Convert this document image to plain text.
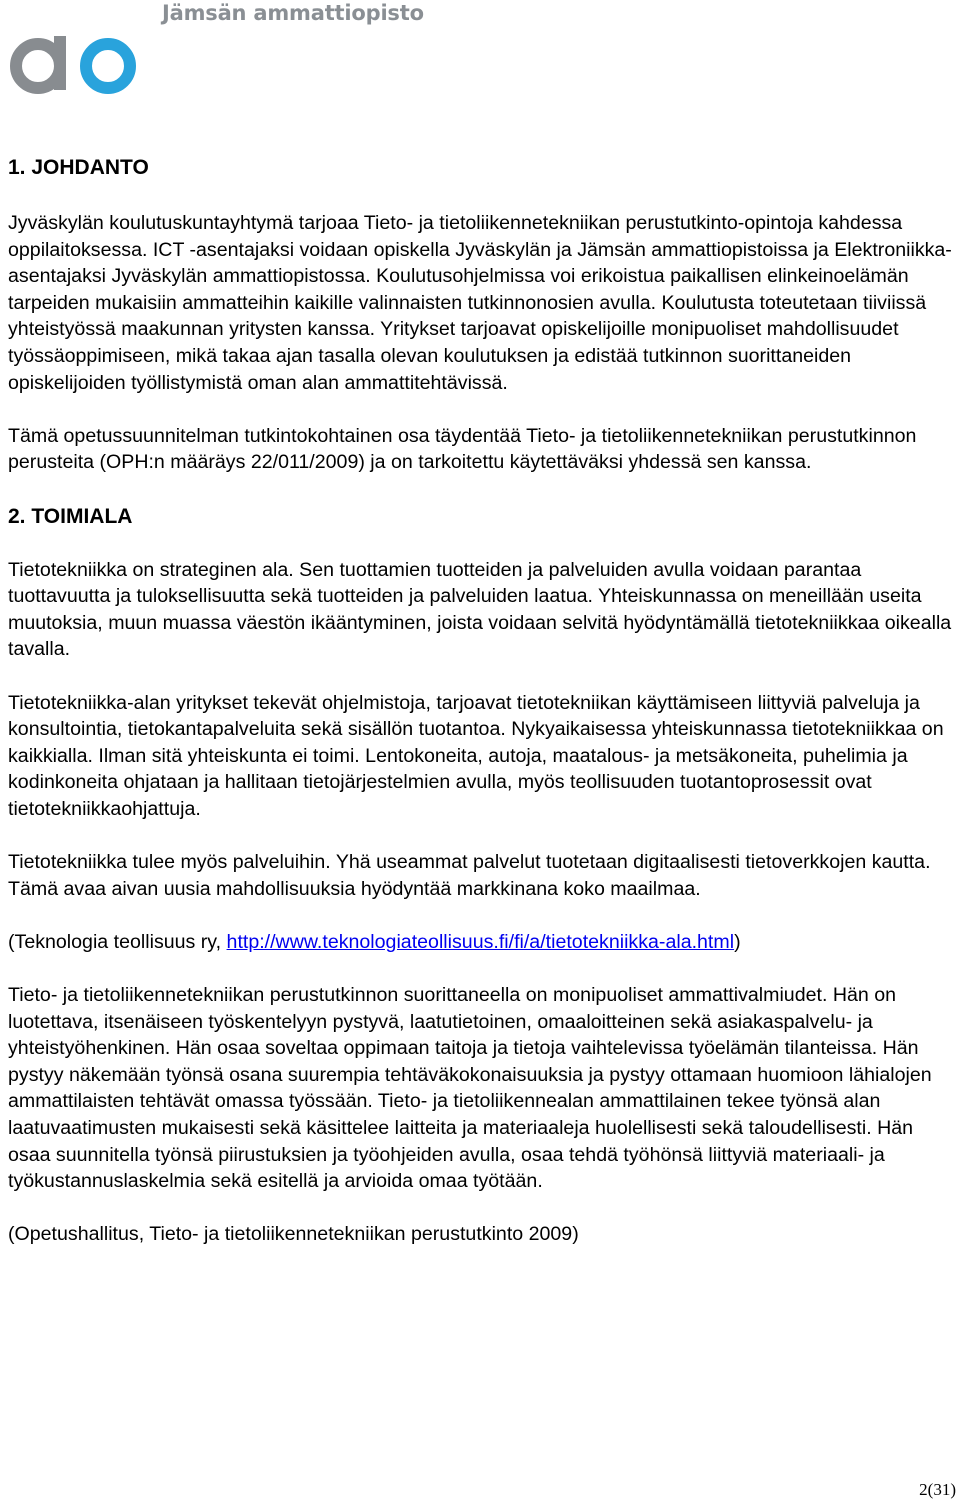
Jämsän ammattiopisto
1. JOHDANTO

Jyväskylän koulutuskuntayhtymä tarjoaa Tieto- ja tietoliikennetekniikan perustutkinto-opintoja kahdessa oppilaitoksessa. ICT -asentajaksi voidaan opiskella Jyväskylän ja Jämsän ammattiopistoissa ja Elektroniikka-asentajaksi Jyväskylän ammattiopistossa. Koulutusohjelmissa voi erikoistua paikallisen elinkeinoelämän tarpeiden mukaisiin ammatteihin kaikille valinnaisten tutkinnonosien avulla. Koulutusta toteutetaan tiiviissä yhteistyössä maakunnan yritysten kanssa. Yritykset tarjoavat opiskelijoille monipuoliset mahdollisuudet työssäoppimiseen, mikä takaa ajan tasalla olevan koulutuksen ja edistää tutkinnon suorittaneiden opiskelijoiden työllistymistä oman alan ammattitehtävissä.

Tämä opetussuunnitelman tutkintokohtainen osa täydentää Tieto- ja tietoliikennetekniikan perustutkinnon perusteita (OPH:n määräys 22/011/2009) ja on tarkoitettu käytettäväksi yhdessä sen kanssa.

2. TOIMIALA

Tietotekniikka on strateginen ala. Sen tuottamien tuotteiden ja palveluiden avulla voidaan parantaa tuottavuutta ja tuloksellisuutta sekä tuotteiden ja palveluiden laatua. Yhteiskunnassa on meneillään useita muutoksia, muun muassa väestön ikääntyminen, joista voidaan selvitä hyödyntämällä tietotekniikkaa oikealla tavalla.

Tietotekniikka-alan yritykset tekevät ohjelmistoja, tarjoavat tietotekniikan käyttämiseen liittyviä palveluja ja konsultointia, tietokantapalveluita sekä sisällön tuotantoa. Nykyaikaisessa yhteiskunnassa tietotekniikkaa on kaikkialla. Ilman sitä yhteiskunta ei toimi. Lentokoneita, autoja, maatalous- ja metsäkoneita, puhelimia ja kodinkoneita ohjataan ja hallitaan tietojärjestelmien avulla, myös teollisuuden tuotantoprosessit ovat tietotekniikkaohjattuja.

Tietotekniikka tulee myös palveluihin. Yhä useammat palvelut tuotetaan digitaalisesti tietoverkkojen kautta. Tämä avaa aivan uusia mahdollisuuksia hyödyntää markkinana koko maailmaa.

(Teknologia teollisuus ry, http://www.teknologiateollisuus.fi/fi/a/tietotekniikka-ala.html)

Tieto- ja tietoliikennetekniikan perustutkinnon suorittaneella on monipuoliset ammattivalmiudet. Hän on luotettava, itsenäiseen työskentelyyn pystyvä, laatutietoinen, omaaloitteinen sekä asiakaspalvelu- ja yhteistyöhenkinen. Hän osaa soveltaa oppimaan taitoja ja tietoja vaihtelevissa työelämän tilanteissa. Hän pystyy näkemään työnsä osana suurempia tehtäväkokonaisuuksia ja pystyy ottamaan huomioon lähialojen ammattilaisten tehtävät omassa työssään. Tieto- ja tietoliikennealan ammattilainen tekee työnsä alan laatuvaatimusten mukaisesti sekä käsittelee laitteita ja materiaaleja huolellisesti sekä taloudellisesti. Hän osaa suunnitella työnsä piirustuksien ja työohjeiden avulla, osaa tehdä työhönsä liittyviä materiaali- ja työkustannuslaskelmia sekä esitellä ja arvioida omaa työtään.

(Opetushallitus, Tieto- ja tietoliikennetekniikan perustutkinto 2009)

2(31)
